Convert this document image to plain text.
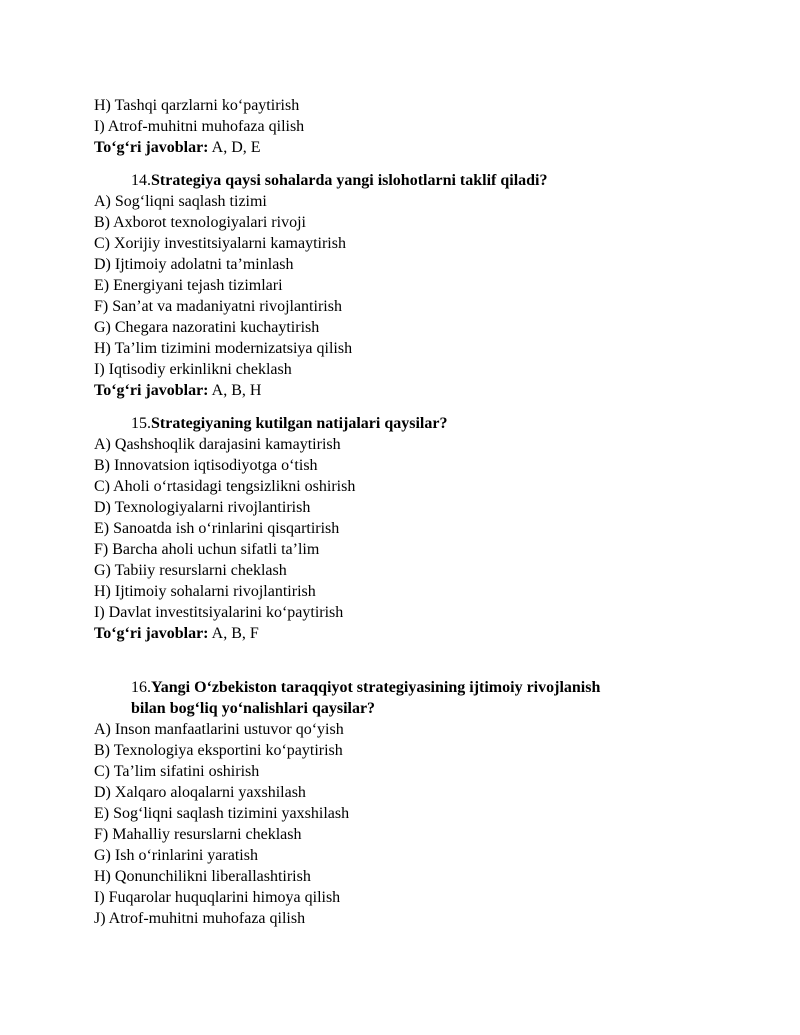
H) Tashqi qarzlarni ko‘paytirish
I) Atrof-muhitni muhofaza qilish
To‘g‘ri javoblar: A, D, E
14.Strategiya qaysi sohalarda yangi islohotlarni taklif qiladi?
A) Sog‘liqni saqlash tizimi
B) Axborot texnologiyalari rivoji
C) Xorijiy investitsiyalarni kamaytirish
D) Ijtimoiy adolatni ta’minlash
E) Energiyani tejash tizimlari
F) San’at va madaniyatni rivojlantirish
G) Chegara nazoratini kuchaytirish
H) Ta’lim tizimini modernizatsiya qilish
I) Iqtisodiy erkinlikni cheklash
To‘g‘ri javoblar: A, B, H
15.Strategiyaning kutilgan natijalari qaysilar?
A) Qashshoqlik darajasini kamaytirish
B) Innovatsion iqtisodiyotga o‘tish
C) Aholi o‘rtasidagi tengsizlikni oshirish
D) Texnologiyalarni rivojlantirish
E) Sanoatda ish o‘rinlarini qisqartirish
F) Barcha aholi uchun sifatli ta’lim
G) Tabiiy resurslarni cheklash
H) Ijtimoiy sohalarni rivojlantirish
I) Davlat investitsiyalarini ko‘paytirish
To‘g‘ri javoblar: A, B, F
16.Yangi O‘zbekiston taraqqiyot strategiyasining ijtimoiy rivojlanish
bilan bog‘liq yo‘nalishlari qaysilar?
A) Inson manfaatlarini ustuvor qo‘yish
B) Texnologiya eksportini ko‘paytirish
C) Ta’lim sifatini oshirish
D) Xalqaro aloqalarni yaxshilash
E) Sog‘liqni saqlash tizimini yaxshilash
F) Mahalliy resurslarni cheklash
G) Ish o‘rinlarini yaratish
H) Qonunchilikni liberallashtirish
I) Fuqarolar huquqlarini himoya qilish
J) Atrof-muhitni muhofaza qilish
